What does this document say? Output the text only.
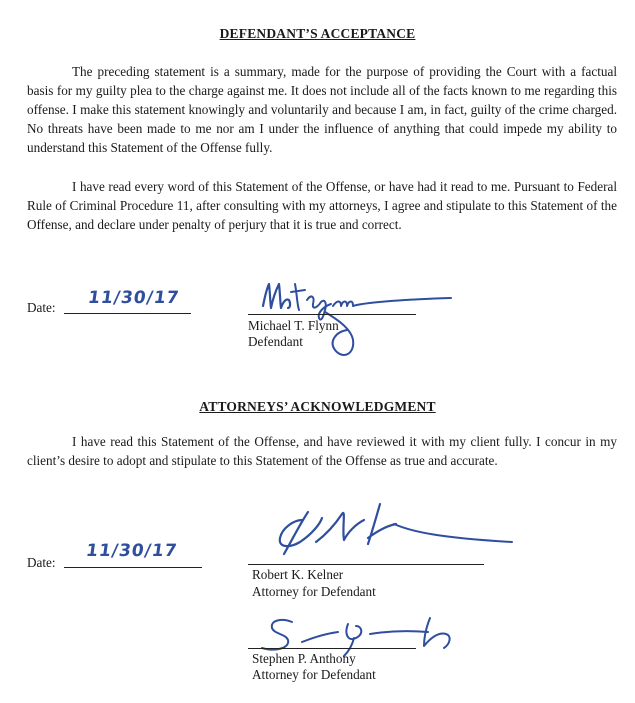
DEFENDANT’S ACCEPTANCE

The preceding statement is a summary, made for the purpose of providing the Court with a factual basis for my guilty plea to the charge against me. It does not include all of the facts known to me regarding this offense. I make this statement knowingly and voluntarily and because I am, in fact, guilty of the crime charged. No threats have been made to me nor am I under the influence of anything that could impede my ability to understand this Statement of the Offense fully.

I have read every word of this Statement of the Offense, or have had it read to me. Pursuant to Federal Rule of Criminal Procedure 11, after consulting with my attorneys, I agree and stipulate to this Statement of the Offense, and declare under penalty of perjury that it is true and correct.

Date: 11/30/17
Michael T. Flynn
Defendant
ATTORNEYS’ ACKNOWLEDGMENT

I have read this Statement of the Offense, and have reviewed it with my client fully. I concur in my client’s desire to adopt and stipulate to this Statement of the Offense as true and accurate.

Date:
11/30/17
Robert K. Kelner
Attorney for Defendant
Stephen P. Anthony
Attorney for Defendant
